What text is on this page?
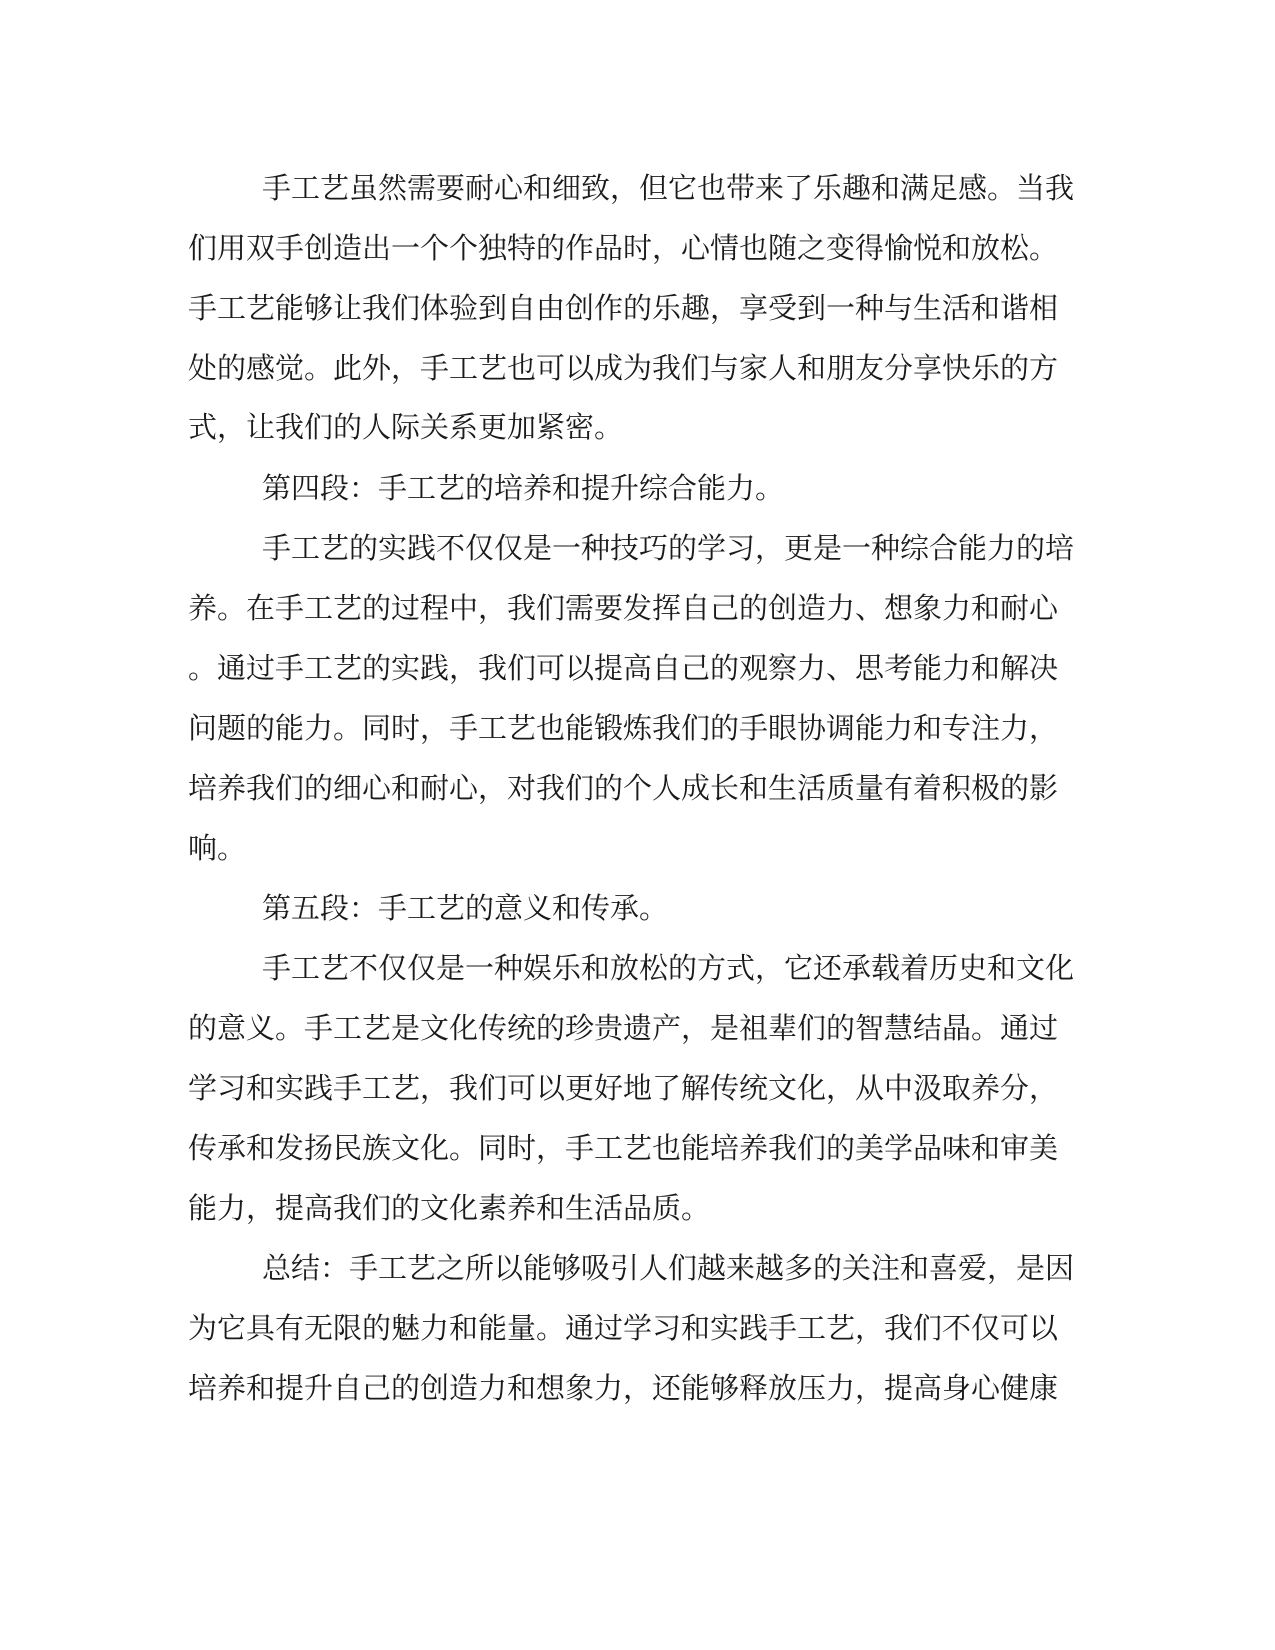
手工艺虽然需要耐心和细致，但它也带来了乐趣和满足感。当我
们用双手创造出一个个独特的作品时，心情也随之变得愉悦和放松。
手工艺能够让我们体验到自由创作的乐趣，享受到一种与生活和谐相
处的感觉。此外，手工艺也可以成为我们与家人和朋友分享快乐的方
式，让我们的人际关系更加紧密。
第四段：手工艺的培养和提升综合能力。
手工艺的实践不仅仅是一种技巧的学习，更是一种综合能力的培
养。在手工艺的过程中，我们需要发挥自己的创造力、想象力和耐心
。通过手工艺的实践，我们可以提高自己的观察力、思考能力和解决
问题的能力。同时，手工艺也能锻炼我们的手眼协调能力和专注力，
培养我们的细心和耐心，对我们的个人成长和生活质量有着积极的影
响。
第五段：手工艺的意义和传承。
手工艺不仅仅是一种娱乐和放松的方式，它还承载着历史和文化
的意义。手工艺是文化传统的珍贵遗产，是祖辈们的智慧结晶。通过
学习和实践手工艺，我们可以更好地了解传统文化，从中汲取养分，
传承和发扬民族文化。同时，手工艺也能培养我们的美学品味和审美
能力，提高我们的文化素养和生活品质。
总结：手工艺之所以能够吸引人们越来越多的关注和喜爱，是因
为它具有无限的魅力和能量。通过学习和实践手工艺，我们不仅可以
培养和提升自己的创造力和想象力，还能够释放压力，提高身心健康
